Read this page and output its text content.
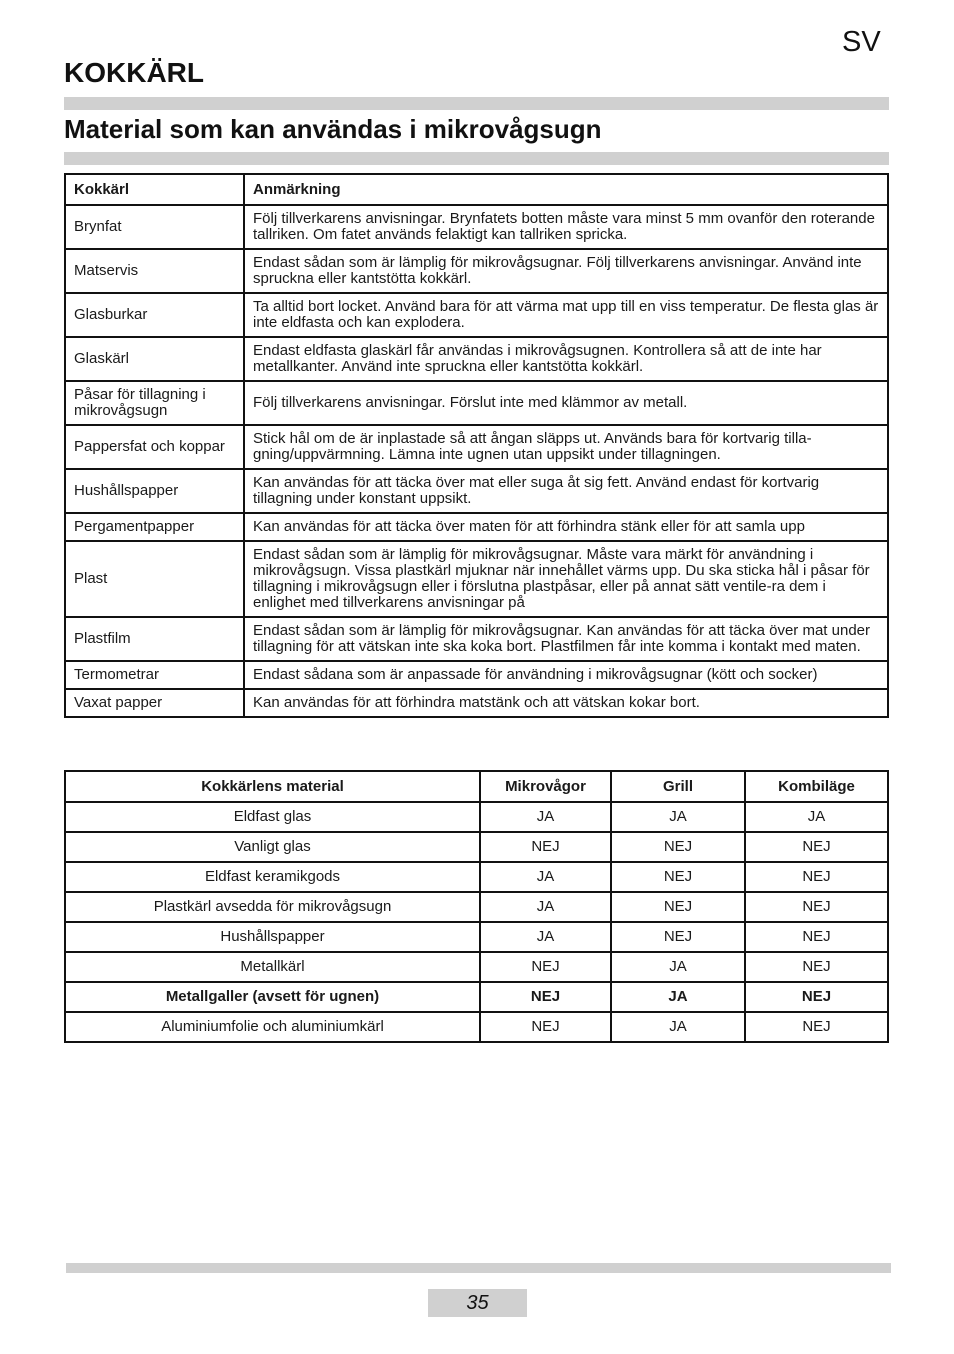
SV
KOKKÄRL
Material som kan användas i mikrovågsugn
Kokkärl	Anmärkning
Brynfat	Följ tillverkarens anvisningar. Brynfatets botten måste vara minst 5 mm ovanför den roterande tallriken. Om fatet används felaktigt kan tallriken spricka.
Matservis	Endast sådan som är lämplig för mikrovågsugnar. Följ tillverkarens anvisningar. Använd inte spruckna eller kantstötta kokkärl.
Glasburkar	Ta alltid bort locket. Använd bara för att värma mat upp till en viss temperatur. De flesta glas är inte eldfasta och kan explodera.
Glaskärl	Endast eldfasta glaskärl får användas i mikrovågsugnen. Kontrollera så att de inte har metallkanter. Använd inte spruckna eller kantstötta kokkärl.
Påsar för tillagning i mikrovågsugn	Följ tillverkarens anvisningar. Förslut inte med klämmor av metall.
Pappersfat och koppar	Stick hål om de är inplastade så att ångan släpps ut. Används bara för kortvarig tilla-gning/uppvärmning. Lämna inte ugnen utan uppsikt under tillagningen.
Hushållspapper	Kan användas för att täcka över mat eller suga åt sig fett. Använd endast för kortvarig tillagning under konstant uppsikt.
Pergamentpapper	Kan användas för att täcka över maten för att förhindra stänk eller för att samla upp
Plast	Endast sådan som är lämplig för mikrovågsugnar. Måste vara märkt för användning i mikrovågsugn. Vissa plastkärl mjuknar när innehållet värms upp. Du ska sticka hål i påsar för tillagning i mikrovågsugn eller i förslutna plastpåsar, eller på annat sätt ventile-ra dem i enlighet med tillverkarens anvisningar på
Plastfilm	Endast sådan som är lämplig för mikrovågsugnar. Kan användas för att täcka över mat under tillagning för att vätskan inte ska koka bort. Plastfilmen får inte komma i kontakt med maten.
Termometrar	Endast sådana som är anpassade för användning i mikrovågsugnar (kött och socker)
Vaxat papper	Kan användas för att förhindra matstänk och att vätskan kokar bort.
Kokkärlens material	Mikrovågor	Grill	Kombiläge
Eldfast glas	JA	JA	JA
Vanligt glas	NEJ	NEJ	NEJ
Eldfast keramikgods	JA	NEJ	NEJ
Plastkärl avsedda för mikrovågsugn	JA	NEJ	NEJ
Hushållspapper	JA	NEJ	NEJ
Metallkärl	NEJ	JA	NEJ
Metallgaller (avsett för ugnen)	NEJ	JA	NEJ
Aluminiumfolie och aluminiumkärl	NEJ	JA	NEJ
35
